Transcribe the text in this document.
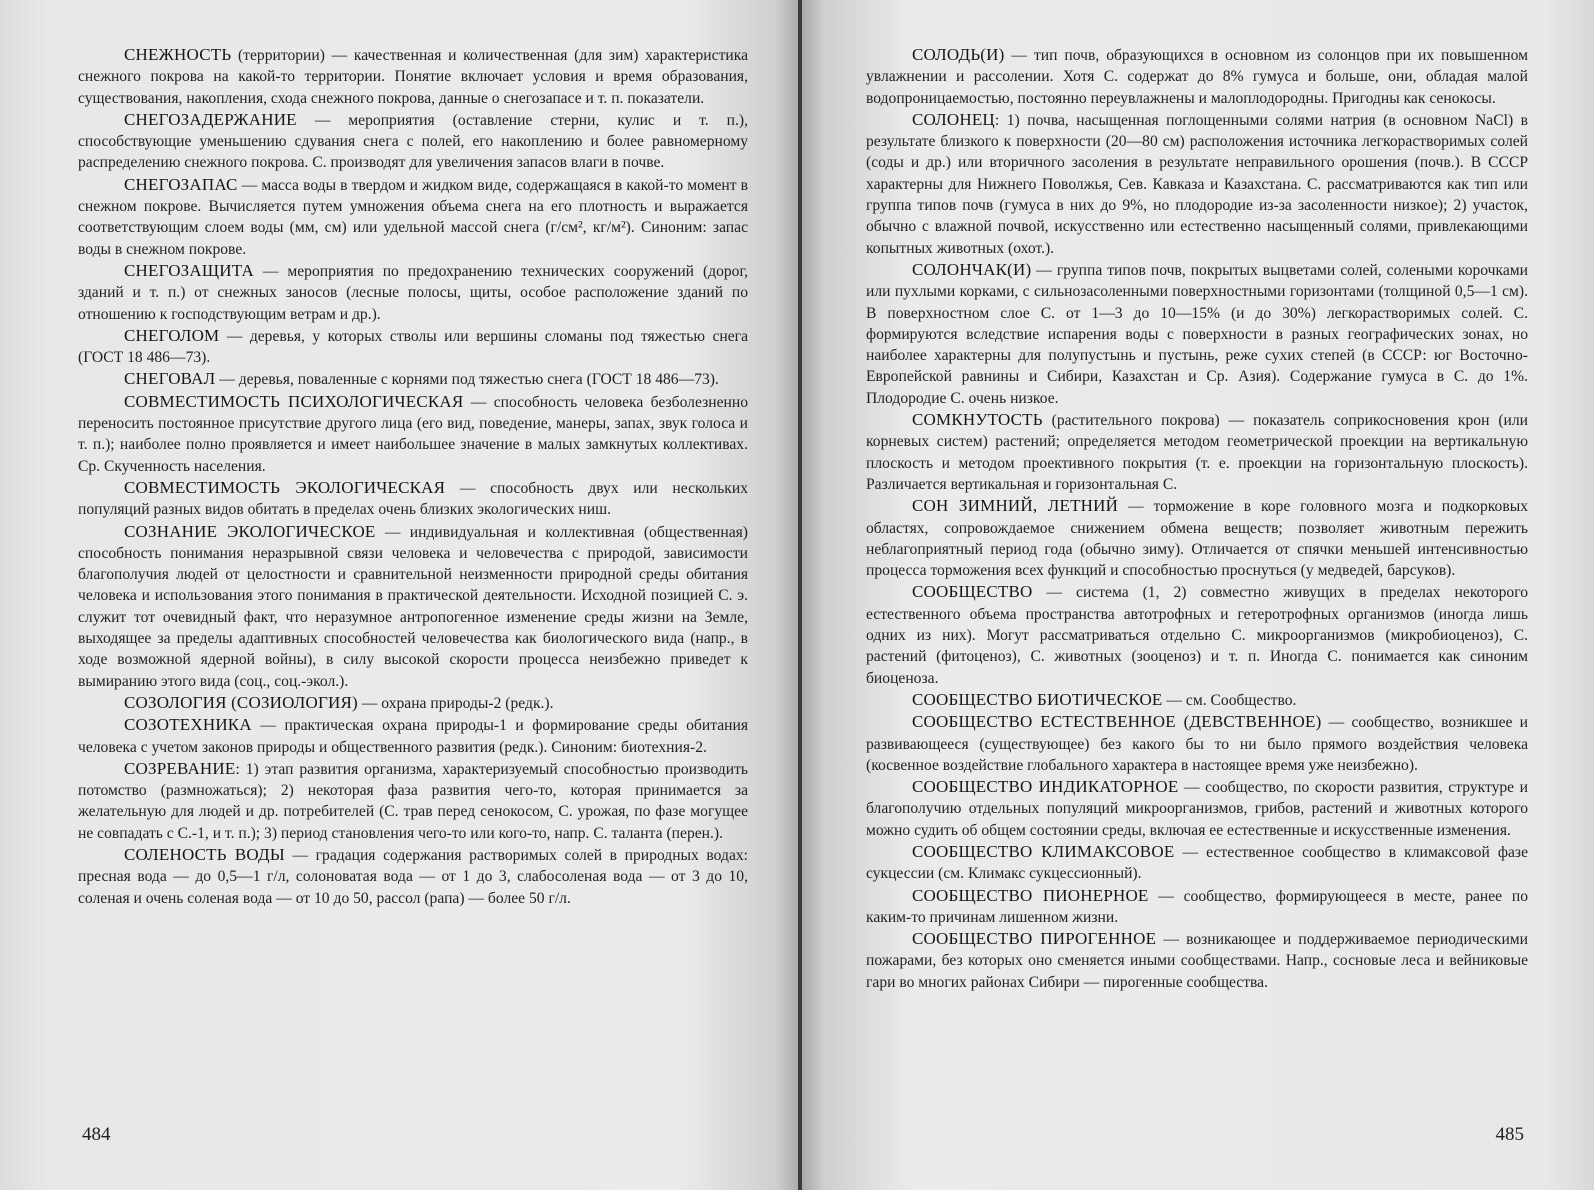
СНЕЖНОСТЬ (территории) — качественная и количественная (для зим) характеристика снежного покрова на какой-то территории. Понятие включает условия и время образования, существования, накопления, схода снежного покрова, данные о снегозапасе и т. п. показатели.

СНЕГОЗАДЕРЖАНИЕ — мероприятия (оставление стерни, кулис и т. п.), способствующие уменьшению сдувания снега с полей, его накоплению и более равномерному распределению снежного покрова. С. производят для увеличения запасов влаги в почве.

СНЕГОЗАПАС — масса воды в твердом и жидком виде, содержащаяся в какой-то момент в снежном покрове. Вычисляется путем умножения объема снега на его плотность и выражается соответствующим слоем воды (мм, см) или удельной массой снега (г/см², кг/м²). Синоним: запас воды в снежном покрове.

СНЕГОЗАЩИТА — мероприятия по предохранению технических сооружений (дорог, зданий и т. п.) от снежных заносов (лесные полосы, щиты, особое расположение зданий по отношению к господствующим ветрам и др.).

СНЕГОЛОМ — деревья, у которых стволы или вершины сломаны под тяжестью снега (ГОСТ 18 486—73).

СНЕГОВАЛ — деревья, поваленные с корнями под тяжестью снега (ГОСТ 18 486—73).

СОВМЕСТИМОСТЬ ПСИХОЛОГИЧЕСКАЯ — способность человека безболезненно переносить постоянное присутствие другого лица (его вид, поведение, манеры, запах, звук голоса и т. п.); наиболее полно проявляется и имеет наибольшее значение в малых замкнутых коллективах. Ср. Скученность населения.

СОВМЕСТИМОСТЬ ЭКОЛОГИЧЕСКАЯ — способность двух или нескольких популяций разных видов обитать в пределах очень близких экологических ниш.

СОЗНАНИЕ ЭКОЛОГИЧЕСКОЕ — индивидуальная и коллективная (общественная) способность понимания неразрывной связи человека и человечества с природой, зависимости благополучия людей от целостности и сравнительной неизменности природной среды обитания человека и использования этого понимания в практической деятельности. Исходной позицией С. э. служит тот очевидный факт, что неразумное антропогенное изменение среды жизни на Земле, выходящее за пределы адаптивных способностей человечества как биологического вида (напр., в ходе возможной ядерной войны), в силу высокой скорости процесса неизбежно приведет к вымиранию этого вида (соц., соц.-экол.).

СОЗОЛОГИЯ (СОЗИОЛОГИЯ) — охрана природы-2 (редк.).

СОЗОТЕХНИКА — практическая охрана природы-1 и формирование среды обитания человека с учетом законов природы и общественного развития (редк.). Синоним: биотехния-2.

СОЗРЕВАНИЕ: 1) этап развития организма, характеризуемый способностью производить потомство (размножаться); 2) некоторая фаза развития чего-то, которая принимается за желательную для людей и др. потребителей (С. трав перед сенокосом, С. урожая, по фазе могущее не совпадать с С.-1, и т. п.); 3) период становления чего-то или кого-то, напр. С. таланта (перен.).

СОЛЕНОСТЬ ВОДЫ — градация содержания растворимых солей в природных водах: пресная вода — до 0,5—1 г/л, солоноватая вода — от 1 до 3, слабосоленая вода — от 3 до 10, соленая и очень соленая вода — от 10 до 50, рассол (рапа) — более 50 г/л.

484

СОЛОДЬ(И) — тип почв, образующихся в основном из солонцов при их повышенном увлажнении и рассолении. Хотя С. содержат до 8% гумуса и больше, они, обладая малой водопроницаемостью, постоянно переувлажнены и малоплодородны. Пригодны как сенокосы.

СОЛОНЕЦ: 1) почва, насыщенная поглощенными солями натрия (в основном NaCl) в результате близкого к поверхности (20—80 см) расположения источника легкорастворимых солей (соды и др.) или вторичного засоления в результате неправильного орошения (почв.). В СССР характерны для Нижнего Поволжья, Сев. Кавказа и Казахстана. С. рассматриваются как тип или группа типов почв (гумуса в них до 9%, но плодородие из-за засоленности низкое); 2) участок, обычно с влажной почвой, искусственно или естественно насыщенный солями, привлекающими копытных животных (охот.).

СОЛОНЧАК(И) — группа типов почв, покрытых выцветами солей, солеными корочками или пухлыми корками, с сильнозасоленными поверхностными горизонтами (толщиной 0,5—1 см). В поверхностном слое С. от 1—3 до 10—15% (и до 30%) легкорастворимых солей. С. формируются вследствие испарения воды с поверхности в разных географических зонах, но наиболее характерны для полупустынь и пустынь, реже сухих степей (в СССР: юг Восточно-Европейской равнины и Сибири, Казахстан и Ср. Азия). Содержание гумуса в С. до 1%. Плодородие С. очень низкое.

СОМКНУТОСТЬ (растительного покрова) — показатель соприкосновения крон (или корневых систем) растений; определяется методом геометрической проекции на вертикальную плоскость и методом проективного покрытия (т. е. проекции на горизонтальную плоскость). Различается вертикальная и горизонтальная С.

СОН ЗИМНИЙ, ЛЕТНИЙ — торможение в коре головного мозга и подкорковых областях, сопровождаемое снижением обмена веществ; позволяет животным пережить неблагоприятный период года (обычно зиму). Отличается от спячки меньшей интенсивностью процесса торможения всех функций и способностью проснуться (у медведей, барсуков).

СООБЩЕСТВО — система (1, 2) совместно живущих в пределах некоторого естественного объема пространства автотрофных и гетеротрофных организмов (иногда лишь одних из них). Могут рассматриваться отдельно С. микроорганизмов (микробиоценоз), С. растений (фитоценоз), С. животных (зооценоз) и т. п. Иногда С. понимается как синоним биоценоза.

СООБЩЕСТВО БИОТИЧЕСКОЕ — см. Сообщество.

СООБЩЕСТВО ЕСТЕСТВЕННОЕ (ДЕВСТВЕННОЕ) — сообщество, возникшее и развивающееся (существующее) без какого бы то ни было прямого воздействия человека (косвенное воздействие глобального характера в настоящее время уже неизбежно).

СООБЩЕСТВО ИНДИКАТОРНОЕ — сообщество, по скорости развития, структуре и благополучию отдельных популяций микроорганизмов, грибов, растений и животных которого можно судить об общем состоянии среды, включая ее естественные и искусственные изменения.

СООБЩЕСТВО КЛИМАКСОВОЕ — естественное сообщество в климаксовой фазе сукцессии (см. Климакс сукцессионный).

СООБЩЕСТВО ПИОНЕРНОЕ — сообщество, формирующееся в месте, ранее по каким-то причинам лишенном жизни.

СООБЩЕСТВО ПИРОГЕННОЕ — возникающее и поддерживаемое периодическими пожарами, без которых оно сменяется иными сообществами. Напр., сосновые леса и вейниковые гари во многих районах Сибири — пирогенные сообщества.

485
